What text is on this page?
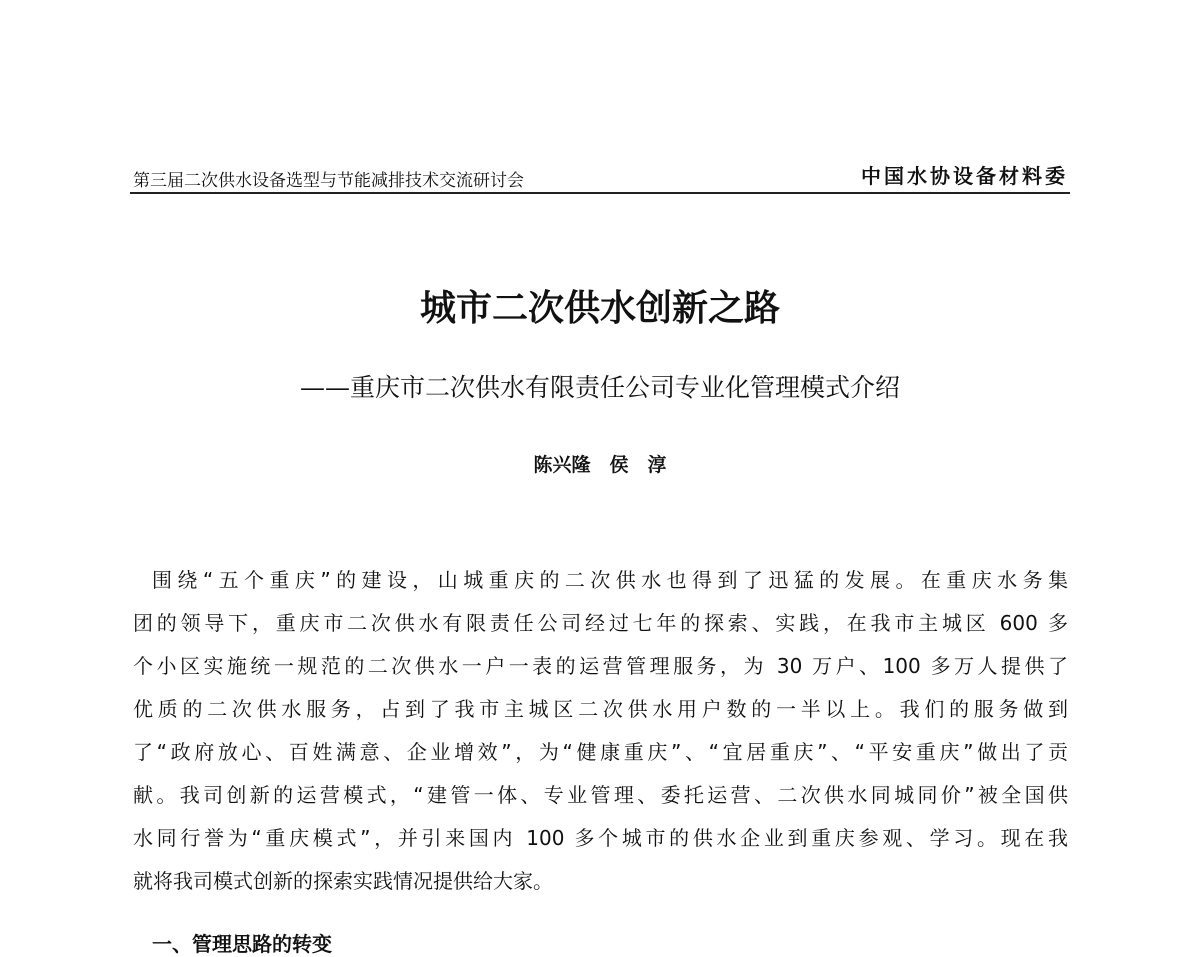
第三届二次供水设备选型与节能减排技术交流研讨会	中国水协设备材料委
城市二次供水创新之路
——重庆市二次供水有限责任公司专业化管理模式介绍
陈兴隆　侯　淳
围绕“五个重庆”的建设，山城重庆的二次供水也得到了迅猛的发展。在重庆水务集
团的领导下，重庆市二次供水有限责任公司经过七年的探索、实践，在我市主城区 600 多
个小区实施统一规范的二次供水一户一表的运营管理服务，为 30 万户、100 多万人提供了
优质的二次供水服务，占到了我市主城区二次供水用户数的一半以上。我们的服务做到
了“政府放心、百姓满意、企业增效”，为“健康重庆”、“宜居重庆”、“平安重庆”做出了贡
献。我司创新的运营模式，“建管一体、专业管理、委托运营、二次供水同城同价”被全国供
水同行誉为“重庆模式”，并引来国内 100 多个城市的供水企业到重庆参观、学习。现在我
就将我司模式创新的探索实践情况提供给大家。
一、管理思路的转变
